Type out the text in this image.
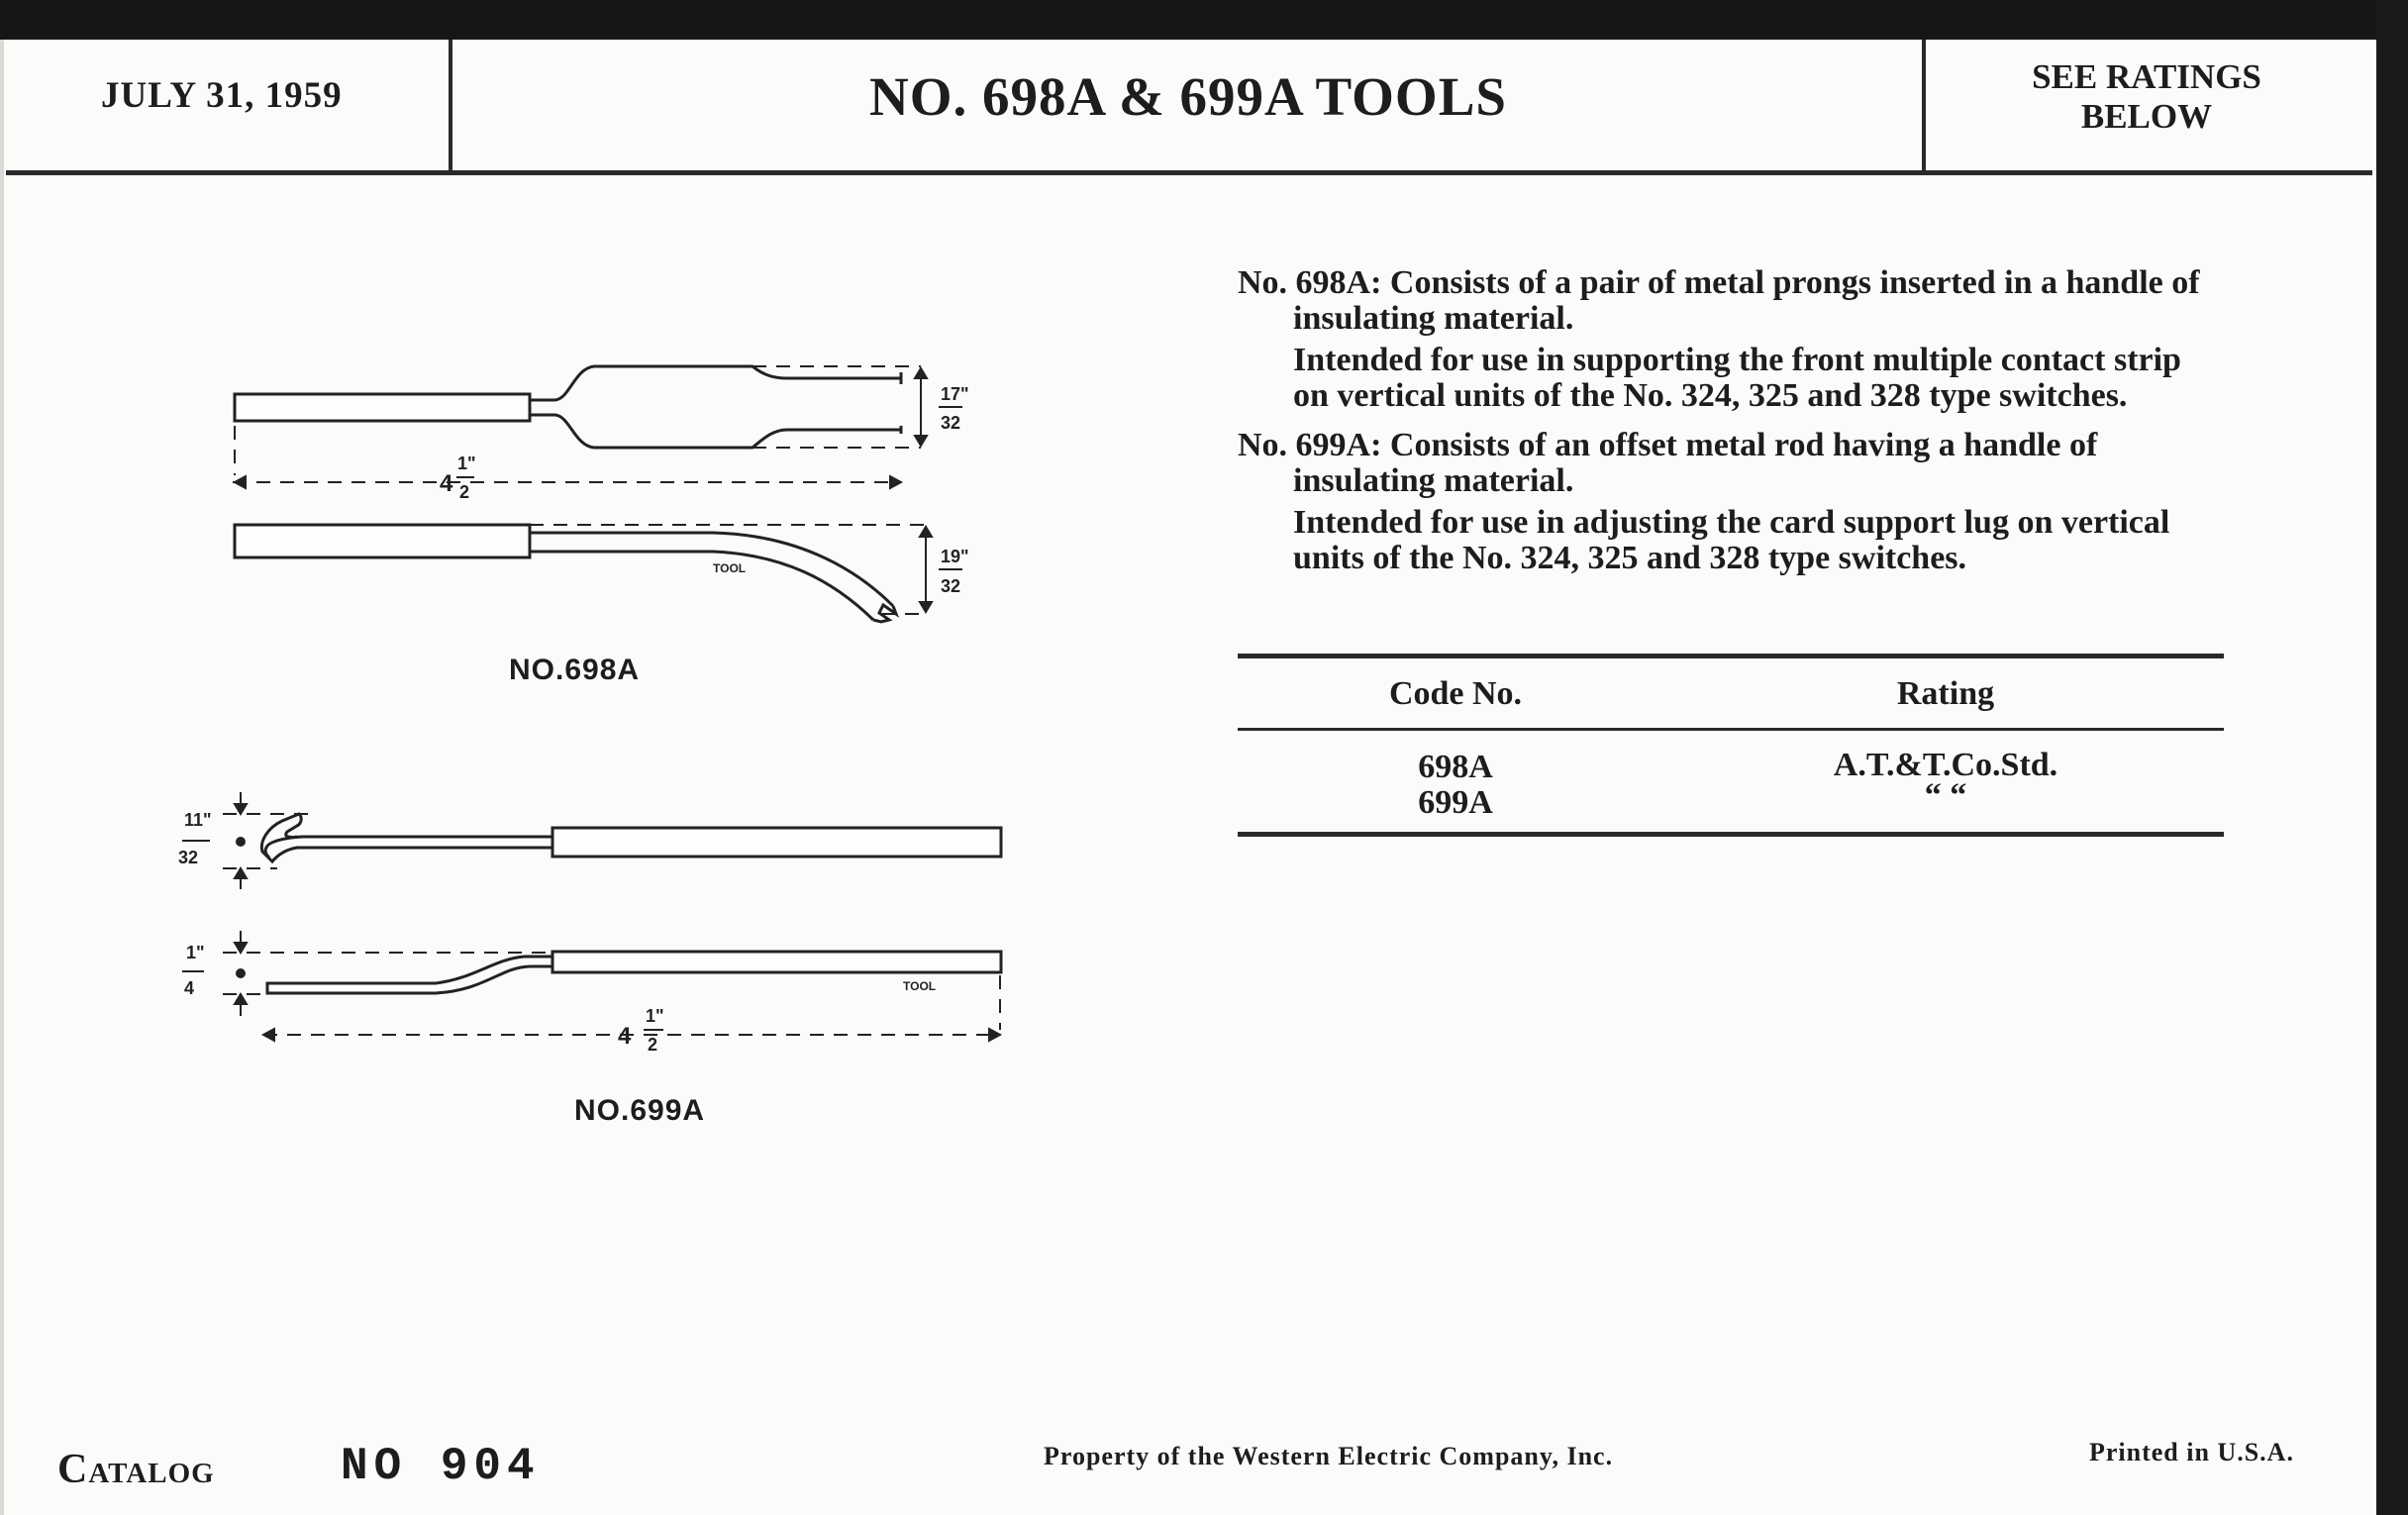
JULY 31, 1959	NO. 698A & 699A TOOLS	SEE RATINGS
BELOW
4
1"
2
17"
32
19"
32
TOOL
11"
32
1"
4
4
1"
2
TOOL
NO.698A
NO.699A

No. 698A: Consists of a pair of metal prongs inserted in a handle of insulating material.

Intended for use in supporting the front multiple contact strip on vertical units of the No. 324, 325 and 328 type switches.

No. 699A: Consists of an offset metal rod having a handle of insulating material.

Intended for use in adjusting the card support lug on vertical units of the No. 324, 325 and 328 type switches.

Code No.	Rating
698A	A.T.&T.Co.Std.
699A	“ “
Catalog	NO 904	Property of the Western Electric Company, Inc.	Printed in U.S.A.
